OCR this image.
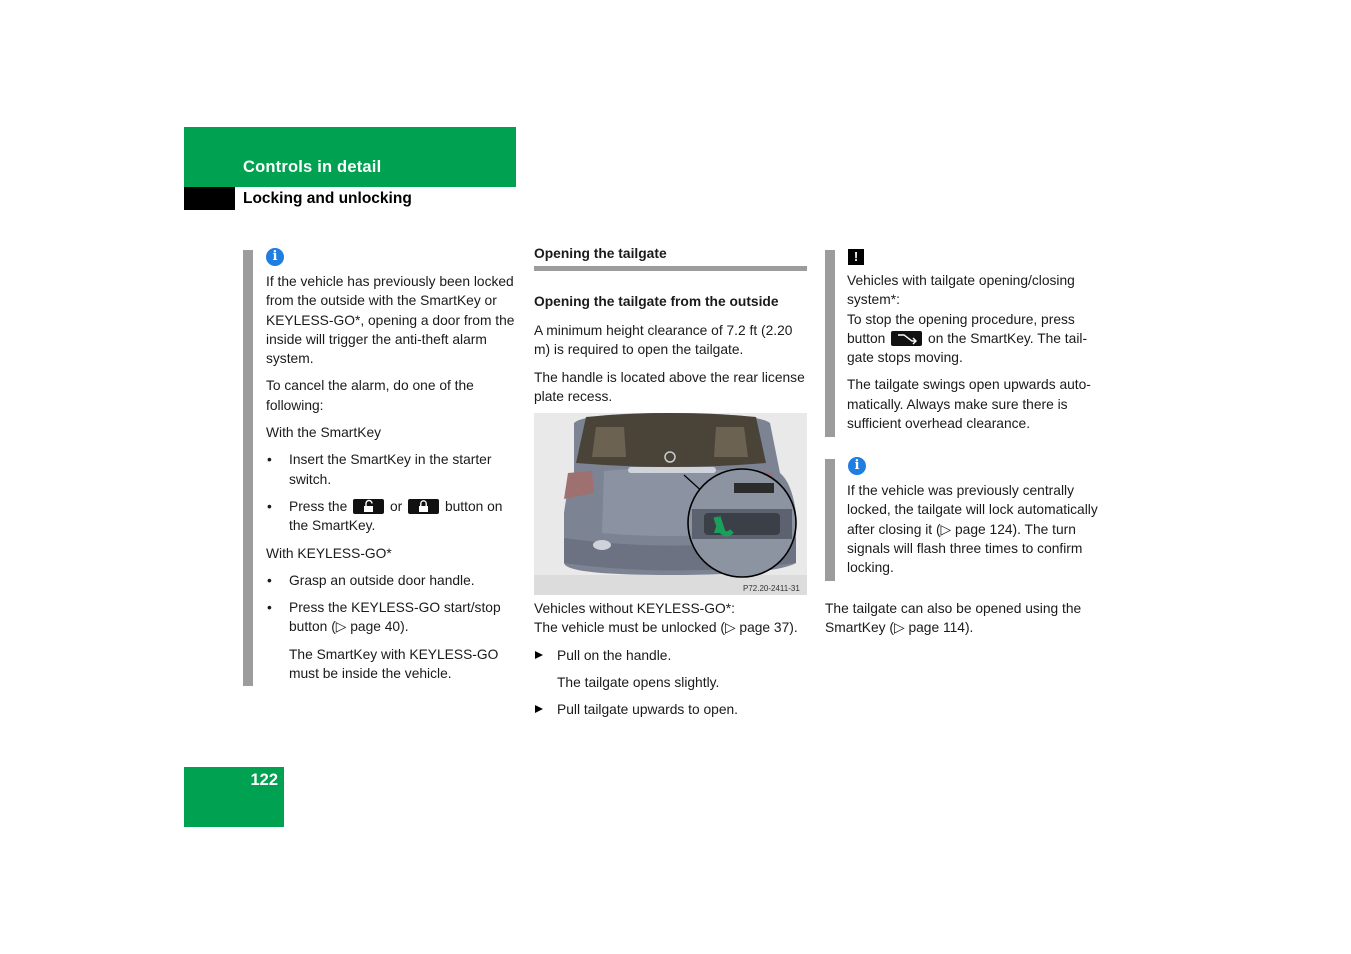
Controls in detail
Locking and unlocking
i

If the vehicle has previously been locked from the outside with the SmartKey or KEYLESS-GO*, opening a door from the inside will trigger the anti-theft alarm system.

To cancel the alarm, do one of the following:

With the SmartKey

• Insert the SmartKey in the starter switch.
• Press the	or	button on the SmartKey.

With KEYLESS-GO*

• Grasp an outside door handle.
• Press the KEYLESS-GO start/stop button (▷ page 40).

The SmartKey with KEYLESS-GO must be inside the vehicle.

Opening the tailgate
Opening the tailgate from the outside

A minimum height clearance of 7.2 ft (2.20 m) is required to open the tailgate.

The handle is located above the rear license plate recess.

P72.20-2411-31

Vehicles without KEYLESS-GO*:

The vehicle must be unlocked (▷ page 37).

Pull on the handle.

The tailgate opens slightly.

Pull tailgate upwards to open.
!

Vehicles with tailgate opening/closing system*:

To stop the opening procedure, press button	on the SmartKey. The tailgate stops moving.

The tailgate swings open upwards automatically. Always make sure there is sufficient overhead clearance.

i

If the vehicle was previously centrally locked, the tailgate will lock automatically after closing it (▷ page 124). The turn signals will flash three times to confirm locking.

The tailgate can also be opened using the SmartKey (▷ page 114).

122
